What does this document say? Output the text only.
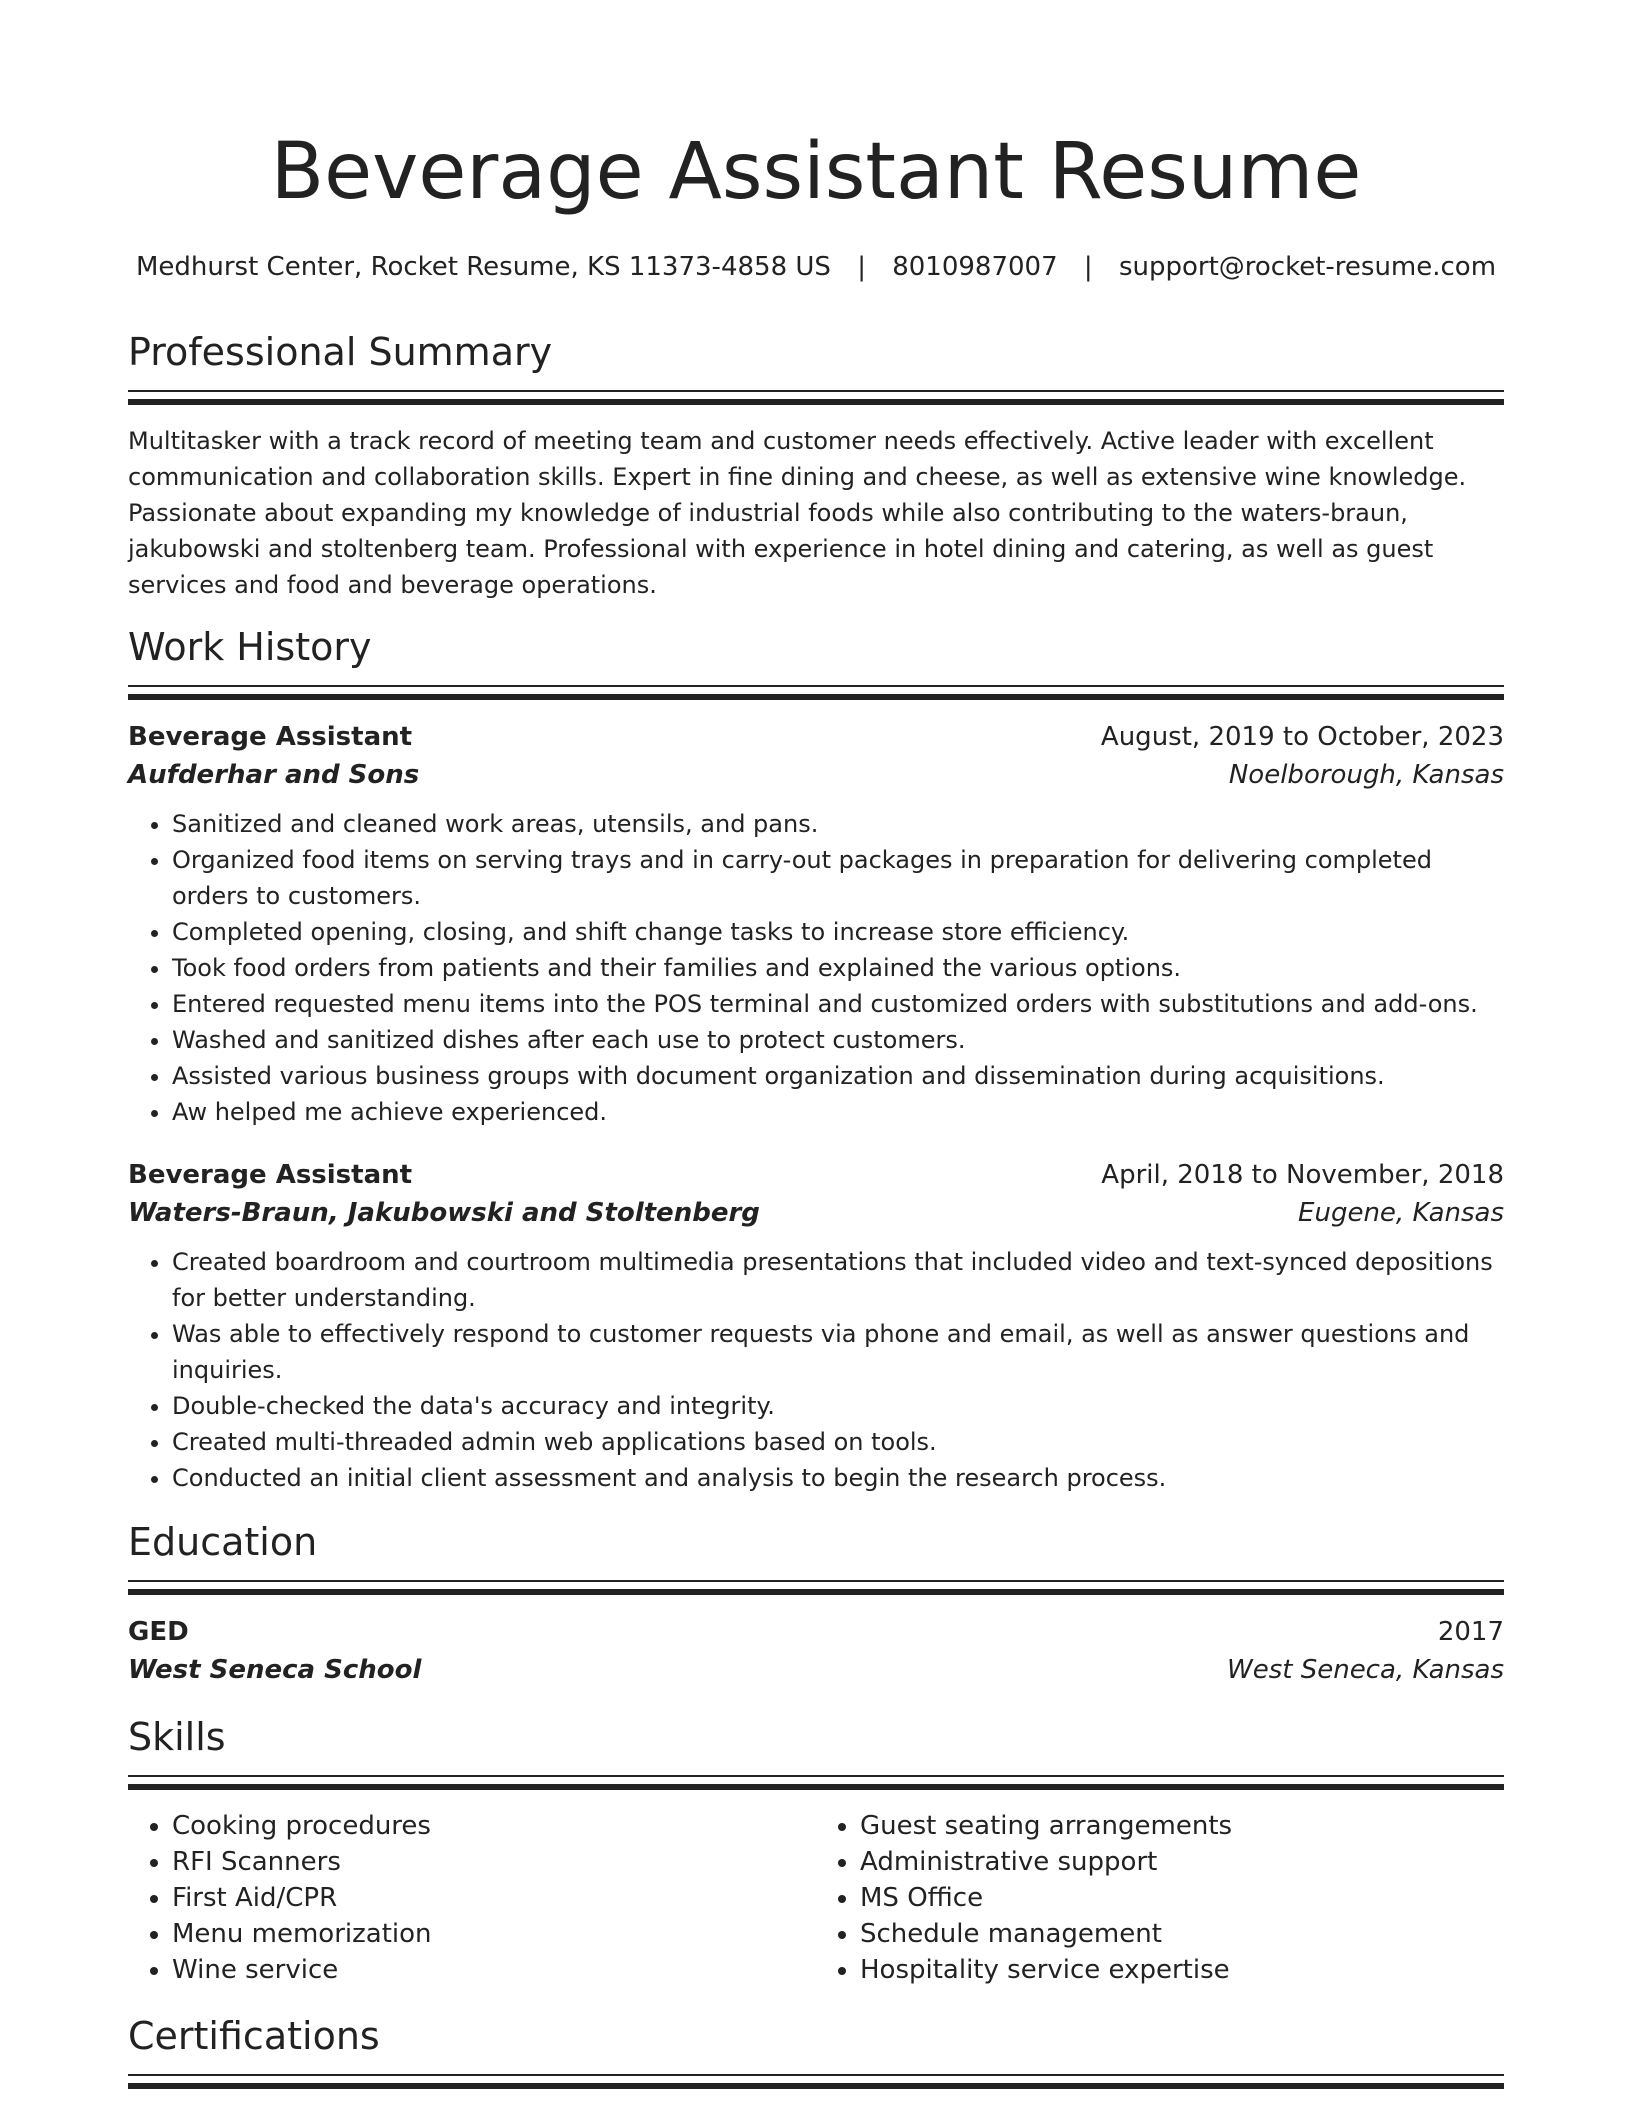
Beverage Assistant Resume
Medhurst Center, Rocket Resume, KS 11373-4858 US | 8010987007 | support@rocket-resume.com
Professional Summary

Multitasker with a track record of meeting team and customer needs effectively. Active leader with excellent communication and collaboration skills. Expert in fine dining and cheese, as well as extensive wine knowledge. Passionate about expanding my knowledge of industrial foods while also contributing to the waters-braun, jakubowski and stoltenberg team. Professional with experience in hotel dining and catering, as well as guest services and food and beverage operations.

Work History
Beverage Assistant	August, 2019 to October, 2023
Aufderhar and Sons	Noelborough, Kansas
• Sanitized and cleaned work areas, utensils, and pans.
• Organized food items on serving trays and in carry-out packages in preparation for delivering completed orders to customers.
• Completed opening, closing, and shift change tasks to increase store efficiency.
• Took food orders from patients and their families and explained the various options.
• Entered requested menu items into the POS terminal and customized orders with substitutions and add-ons.
• Washed and sanitized dishes after each use to protect customers.
• Assisted various business groups with document organization and dissemination during acquisitions.
• Aw helped me achieve experienced.
Beverage Assistant	April, 2018 to November, 2018
Waters-Braun, Jakubowski and Stoltenberg	Eugene, Kansas
• Created boardroom and courtroom multimedia presentations that included video and text-synced depositions for better understanding.
• Was able to effectively respond to customer requests via phone and email, as well as answer questions and inquiries.
• Double-checked the data's accuracy and integrity.
• Created multi-threaded admin web applications based on tools.
• Conducted an initial client assessment and analysis to begin the research process.
Education
GED	2017
West Seneca School	West Seneca, Kansas
Skills
• Cooking procedures
• RFI Scanners
• First Aid/CPR
• Menu memorization
• Wine service
• Guest seating arrangements
• Administrative support
• MS Office
• Schedule management
• Hospitality service expertise
Certifications
